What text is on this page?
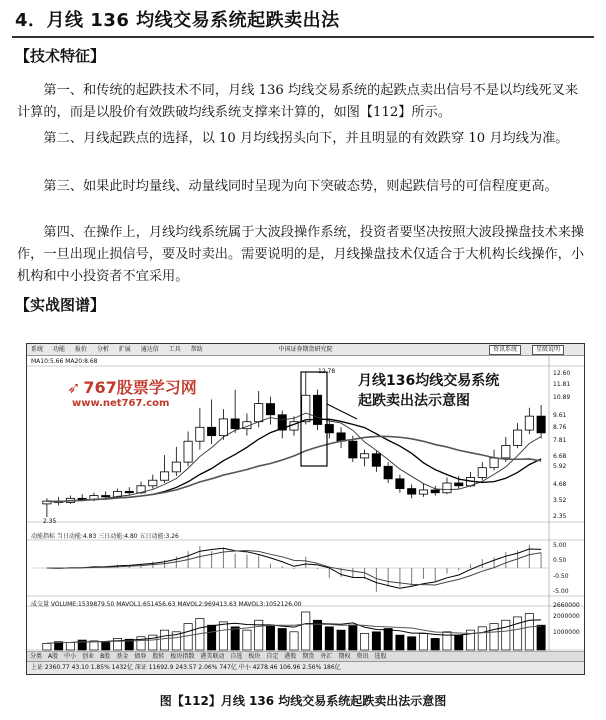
4．月线 136 均线交易系统起跌卖出法
【技术特征】

第一、和传统的起跌技术不同，月线 136 均线交易系统的起跌点卖出信号不是以均线死叉来计算的，而是以股价有效跌破均线系统支撑来计算的，如图【112】所示。

第二、月线起跌点的选择，以 10 月均线拐头向下，并且明显的有效跌穿 10 月均线为准。

第三、如果此时均量线、动量线同时呈现为向下突破态势，则起跌信号的可信程度更高。

第四、在操作上，月线均线系统属于大波段操作系统，投资者要坚决按照大波段操盘技术来操作，一旦出现止损信号，要及时卖出。需要说明的是，月线操盘技术仅适合于大机构长线操作，小机构和中小投资者不宜采用。

【实战图谱】
系统 功能 报价 分析 扩展 通达信 工具 帮助	中国证券期货研究院	资讯系统	星级说明
MA10:5.66 MA20:8.68
12.78
2.35
➶ 767股票学习网
www.net767.com
月线136均线交易系统
起跌卖出法示意图
动能指标 当日动能:4.83 三日动能:4.80 五日动能:3.26
成交量 VOLUME:1539879.50 MAVOL1:651456.63 MAVOL2:969413.63 MAVOL3:1052126.00
12.60
11.81
10.89
9.61
8.76
7.81
6.68
5.92
4.68
3.52
2.35
5.00
0.50
-0.50
-5.00
2660000
2000000
1000000
分类 A股 中小 创业 B股 基金 债券 股转 板块指数 港美联动 自选 板块 自定 港股 期货 外汇 期权 资讯 选股
上证 2360.77 43.10 1.85% 1432亿 深证 11692.9 243.57 2.06% 747亿 中小 4278.46 106.96 2.56% 186亿
图【112】月线 136 均线交易系统起跌卖出法示意图
